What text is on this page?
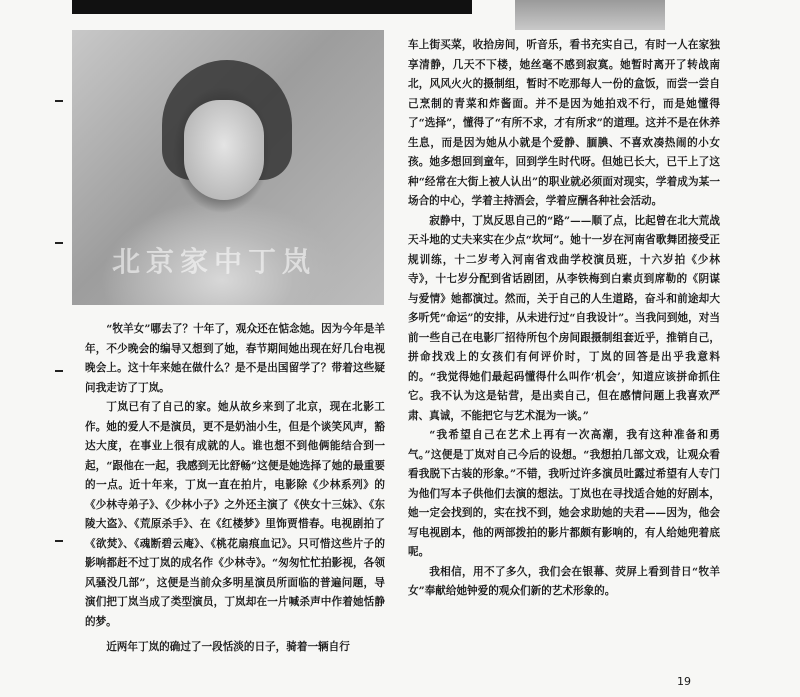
北京家中丁岚

“牧羊女”哪去了？十年了，观众还在惦念她。因为今年是羊年，不少晚会的编导又想到了她，春节期间她出现在好几台电视晚会上。这十年来她在做什么？是不是出国留学了？带着这些疑问我走访了丁岚。

丁岚已有了自己的家。她从故乡来到了北京，现在北影工作。她的爱人不是演员，更不是奶油小生，但是个谈笑风声，豁达大度，在事业上很有成就的人。谁也想不到他俩能结合到一起，“跟他在一起，我感到无比舒畅”这便是她选择了她的最重要的一点。近十年来，丁岚一直在拍片，电影除《少林系列》的《少林寺弟子》、《少林小子》之外还主演了《侠女十三妹》、《东陵大盗》、《荒原杀手》、在《红楼梦》里饰贾惜春。电视剧拍了《欲焚》、《魂断碧云庵》、《桃花扇痕血记》。只可惜这些片子的影响都赶不过丁岚的成名作《少林寺》。“匆匆忙忙拍影视，各领风骚没几部”，这便是当前众多明星演员所面临的普遍问题，导演们把丁岚当成了类型演员，丁岚却在一片喊杀声中作着她恬静的梦。

近两年丁岚的确过了一段恬淡的日子，骑着一辆自行

车上街买菜，收拾房间，听音乐，看书充实自己，有时一人在家独享清静，几天不下楼，她丝毫不感到寂寞。她暂时离开了转战南北，风风火火的摄制组，暂时不吃那每人一份的盒饭，而尝一尝自己烹制的青菜和炸酱面。并不是因为她拍戏不行，而是她懂得了“选择”，懂得了“有所不求，才有所求”的道理。这并不是在休养生息，而是因为她从小就是个爱静、腼腆、不喜欢凑热闹的小女孩。她多想回到童年，回到学生时代呀。但她已长大，已干上了这种“经常在大街上被人认出”的职业就必须面对现实，学着成为某一场合的中心，学着主持酒会，学着应酬各种社会活动。

寂静中，丁岚反思自己的“路”——顺了点，比起曾在北大荒战天斗地的丈夫来实在少点“坎坷”。她十一岁在河南省歌舞团接受正规训练，十二岁考入河南省戏曲学校演员班，十六岁拍《少林寺》，十七岁分配到省话剧团，从李铁梅到白素贞到席勒的《阴谋与爱情》她都演过。然而，关于自己的人生道路，奋斗和前途却大多听凭“命运”的安排，从未进行过“自我设计”。当我问到她，对当前一些自己在电影厂招待所包个房间跟摄制组套近乎，推销自己，拼命找戏上的女孩们有何评价时，丁岚的回答是出乎我意料的。“我觉得她们最起码懂得什么叫作‘机会’，知道应该拼命抓住它。我不认为这是钻营，是出卖自己，但在感情问题上我喜欢严肃、真诚，不能把它与艺术混为一谈。”

“我希望自己在艺术上再有一次高潮，我有这种准备和勇气。”这便是丁岚对自己今后的设想。“我想拍几部文戏，让观众看看我脱下古装的形象。”不错，我听过许多演员吐露过希望有人专门为他们写本子供他们去演的想法。丁岚也在寻找适合她的好剧本，她一定会找到的，实在找不到，她会求助她的夫君——因为，他会写电视剧本，他的两部拨拍的影片都颇有影响的，有人给她兜着底呢。

我相信，用不了多久，我们会在银幕、荧屏上看到昔日“牧羊女”奉献给她钟爱的观众们新的艺术形象的。

19
